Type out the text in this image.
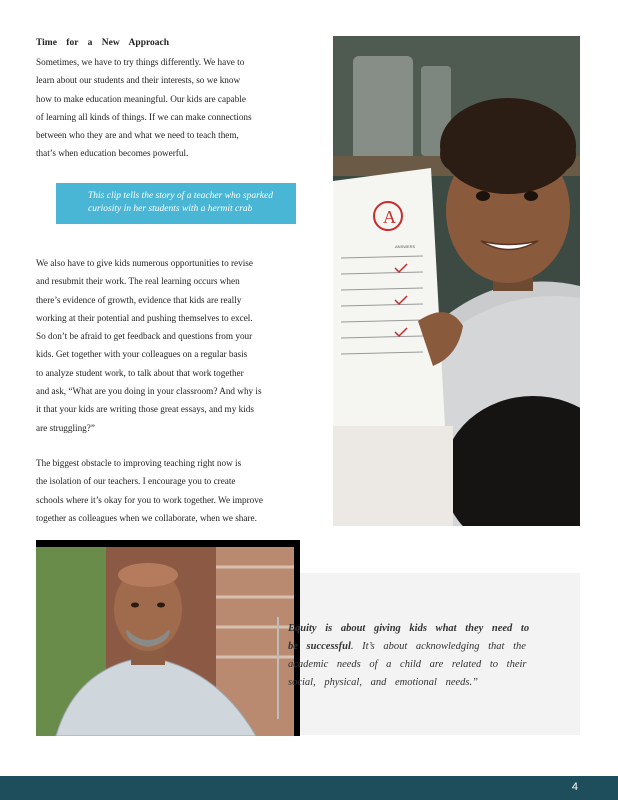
Time for a New Approach
Sometimes, we have to try things differently. We have to
learn about our students and their interests, so we know
how to make education meaningful. Our kids are capable
of learning all kinds of things. If we can make connections
between who they are and what we need to teach them,
that’s when education becomes powerful.
This clip tells the story of a teacher who sparked
curiosity in her students with a hermit crab
We also have to give kids numerous opportunities to revise
and resubmit their work. The real learning occurs when
there’s evidence of growth, evidence that kids are really
working at their potential and pushing themselves to excel.
So don’t be afraid to get feedback and questions from your
kids. Get together with your colleagues on a regular basis
to analyze student work, to talk about that work together
and ask, “What are you doing in your classroom? And why is
it that your kids are writing those great essays, and my kids
are struggling?”
The biggest obstacle to improving teaching right now is
the isolation of our teachers. I encourage you to create
schools where it’s okay for you to work together. We improve
together as colleagues when we collaborate, when we share.
A
ANSWERS
Equity is about giving kids what they need to
be successful. It’s about acknowledging that the
academic needs of a child are related to their
social, physical, and emotional needs.”
4
